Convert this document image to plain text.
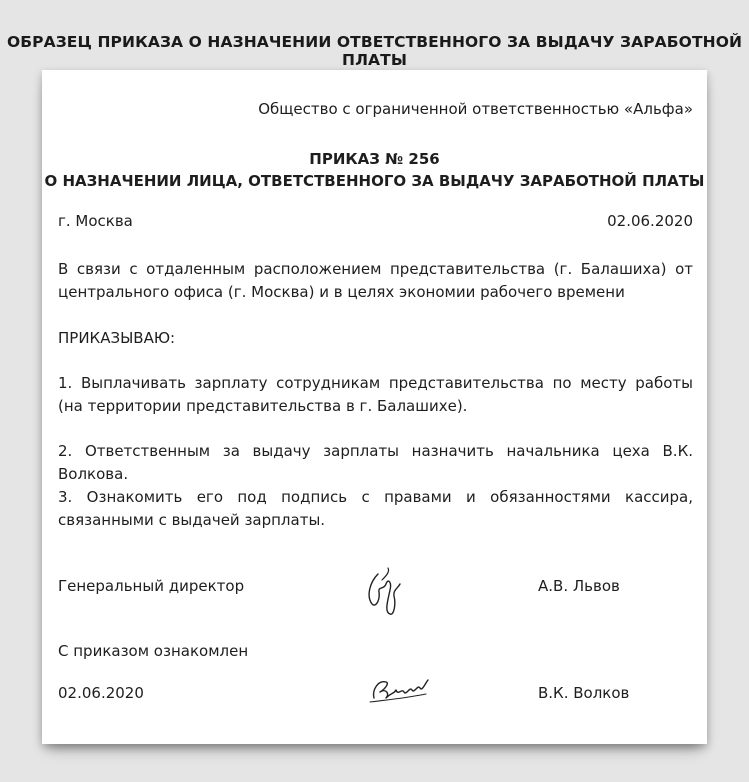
ОБРАЗЕЦ ПРИКАЗА О НАЗНАЧЕНИИ ОТВЕТСТВЕННОГО ЗА ВЫДАЧУ ЗАРАБОТНОЙ ПЛАТЫ
Общество с ограниченной ответственностью «Альфа»
ПРИКАЗ № 256
О НАЗНАЧЕНИИ ЛИЦА, ОТВЕТСТВЕННОГО ЗА ВЫДАЧУ ЗАРАБОТНОЙ ПЛАТЫ
г. Москва	02.06.2020
В связи с отдаленным расположением представительства (г. Балашиха) от центрального офиса (г. Москва) и в целях экономии рабочего времени
ПРИКАЗЫВАЮ:
1. Выплачивать зарплату сотрудникам представительства по месту работы (на территории представительства в г. Балашихе).
2. Ответственным за выдачу зарплаты назначить начальника цеха В.К. Волкова.
3. Ознакомить его под подпись с правами и обязанностями кассира, связанными с выдачей зарплаты.
Генеральный директор	А.В. Львов
С приказом ознакомлен
02.06.2020	В.К. Волков
